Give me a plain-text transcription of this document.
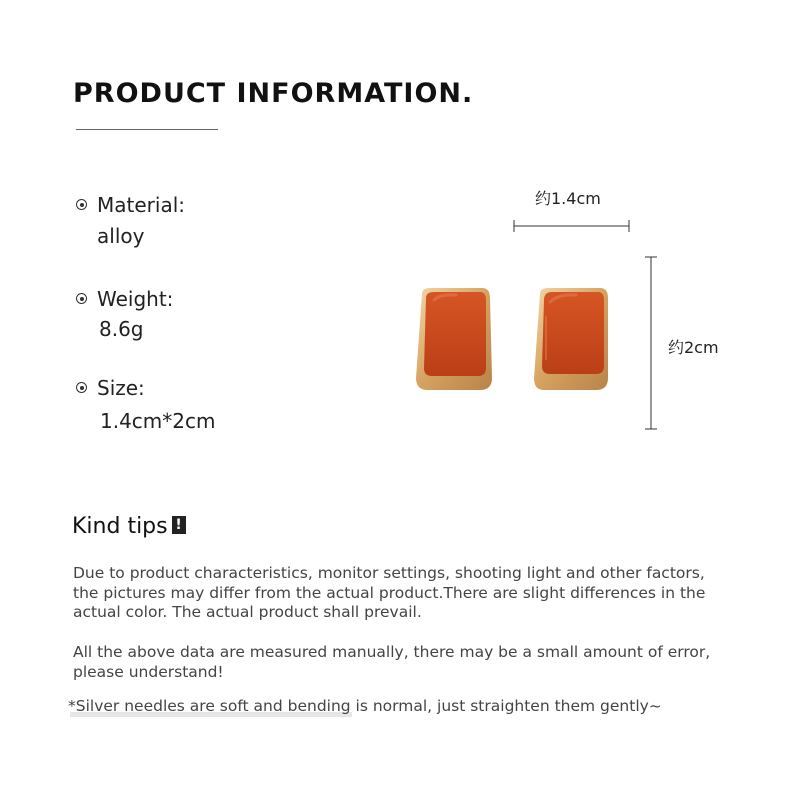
PRODUCT INFORMATION.
Material:
alloy
Weight:
8.6g
Size:
1.4cm*2cm
约1.4cm
约2cm
Kind tips !
Due to product characteristics, monitor settings, shooting light and other factors, the pictures may differ from the actual product.There are slight differences in the actual color. The actual product shall prevail.
All the above data are measured manually, there may be a small amount of error, please understand!
*Silver needles are soft and bending is normal, just straighten them gently~
